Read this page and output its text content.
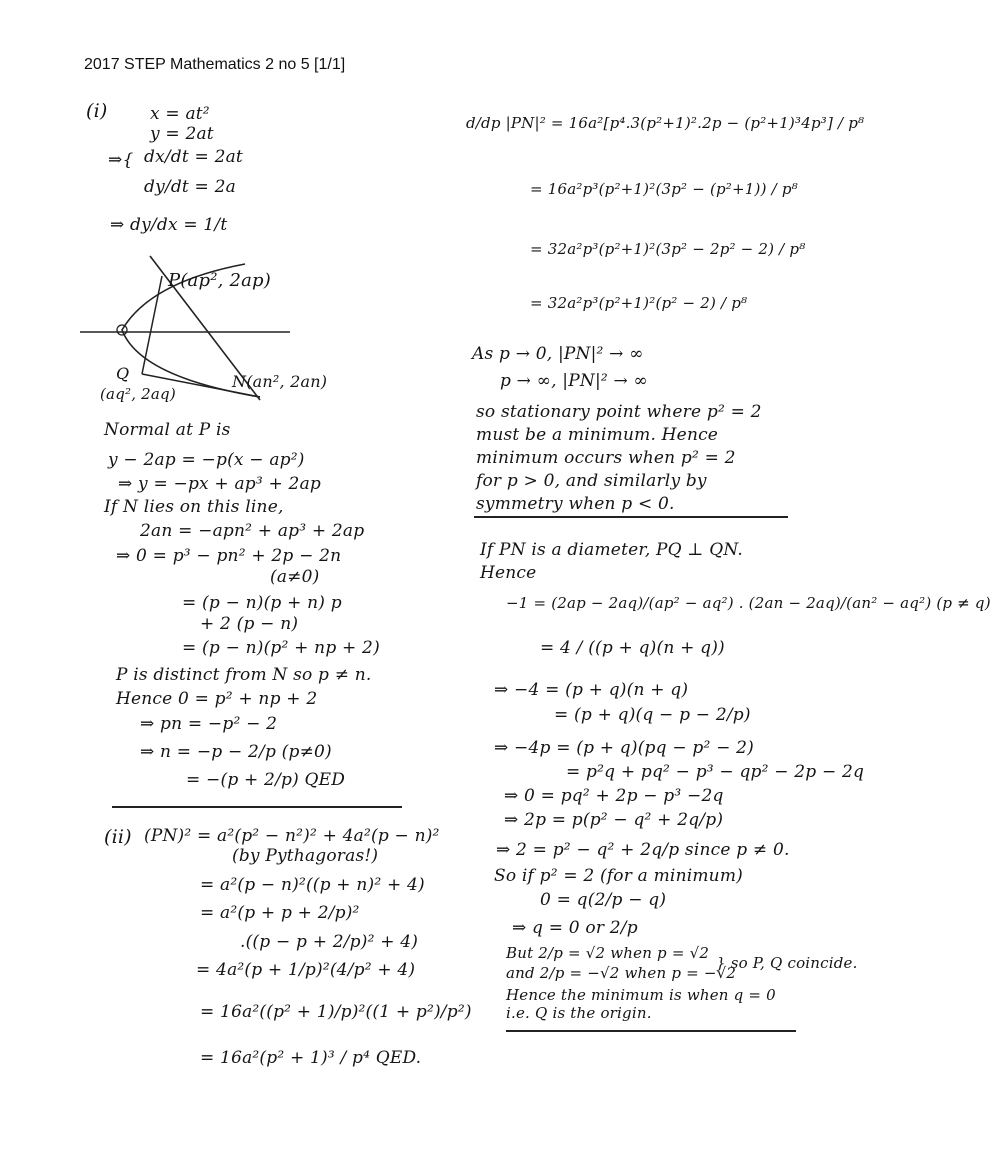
2017 STEP Mathematics 2 no 5 [1/1]
(i) x = at²
y = 2at
⇒{ dx/dt = 2at
dy/dt = 2a
⇒ dy/dx = 1/t
P(ap², 2ap)
N(an², 2an)
Q
(aq², 2aq)
Normal at P is
y − 2ap = −p(x − ap²)
⇒ y = −px + ap³ + 2ap
If N lies on this line,
2an = −apn² + ap³ + 2ap
⇒ 0 = p³ − pn² + 2p − 2n
(a≠0)
= (p − n)(p + n) p
+ 2 (p − n)
= (p − n)(p² + np + 2)
P is distinct from N so p ≠ n.
Hence 0 = p² + np + 2
⇒ pn = −p² − 2
⇒ n = −p − 2/p (p≠0)
= −(p + 2/p) QED
(ii) (PN)² = a²(p² − n²)² + 4a²(p − n)²
(by Pythagoras!)
= a²(p − n)²((p + n)² + 4)
= a²(p + p + 2/p)²
.((p − p + 2/p)² + 4)
= 4a²(p + 1/p)²(4/p² + 4)
= 16a²((p² + 1)/p)²((1 + p²)/p²)
= 16a²(p² + 1)³ / p⁴ QED.
d/dp |PN|² = 16a²[p⁴.3(p²+1)².2p − (p²+1)³4p³] / p⁸
= 16a²p³(p²+1)²(3p² − (p²+1)) / p⁸
= 32a²p³(p²+1)²(3p² − 2p² − 2) / p⁸
= 32a²p³(p²+1)²(p² − 2) / p⁸
As p → 0, |PN|² → ∞
p → ∞, |PN|² → ∞
so stationary point where p² = 2
must be a minimum. Hence
minimum occurs when p² = 2
for p > 0, and similarly by
symmetry when p < 0.
If PN is a diameter, PQ ⊥ QN.
Hence
−1 = (2ap − 2aq)/(ap² − aq²) . (2an − 2aq)/(an² − aq²) (p ≠ q)
= 4 / ((p + q)(n + q))
⇒ −4 = (p + q)(n + q)
= (p + q)(q − p − 2/p)
⇒ −4p = (p + q)(pq − p² − 2)
= p²q + pq² − p³ − qp² − 2p − 2q
⇒ 0 = pq² + 2p − p³ −2q
⇒ 2p = p(p² − q² + 2q/p)
⇒ 2 = p² − q² + 2q/p since p ≠ 0.
So if p² = 2 (for a minimum)
0 = q(2/p − q)
⇒ q = 0 or 2/p
But 2/p = √2 when p = √2
and 2/p = −√2 when p = −√2
} so P, Q coincide.
Hence the minimum is when q = 0
i.e. Q is the origin.
